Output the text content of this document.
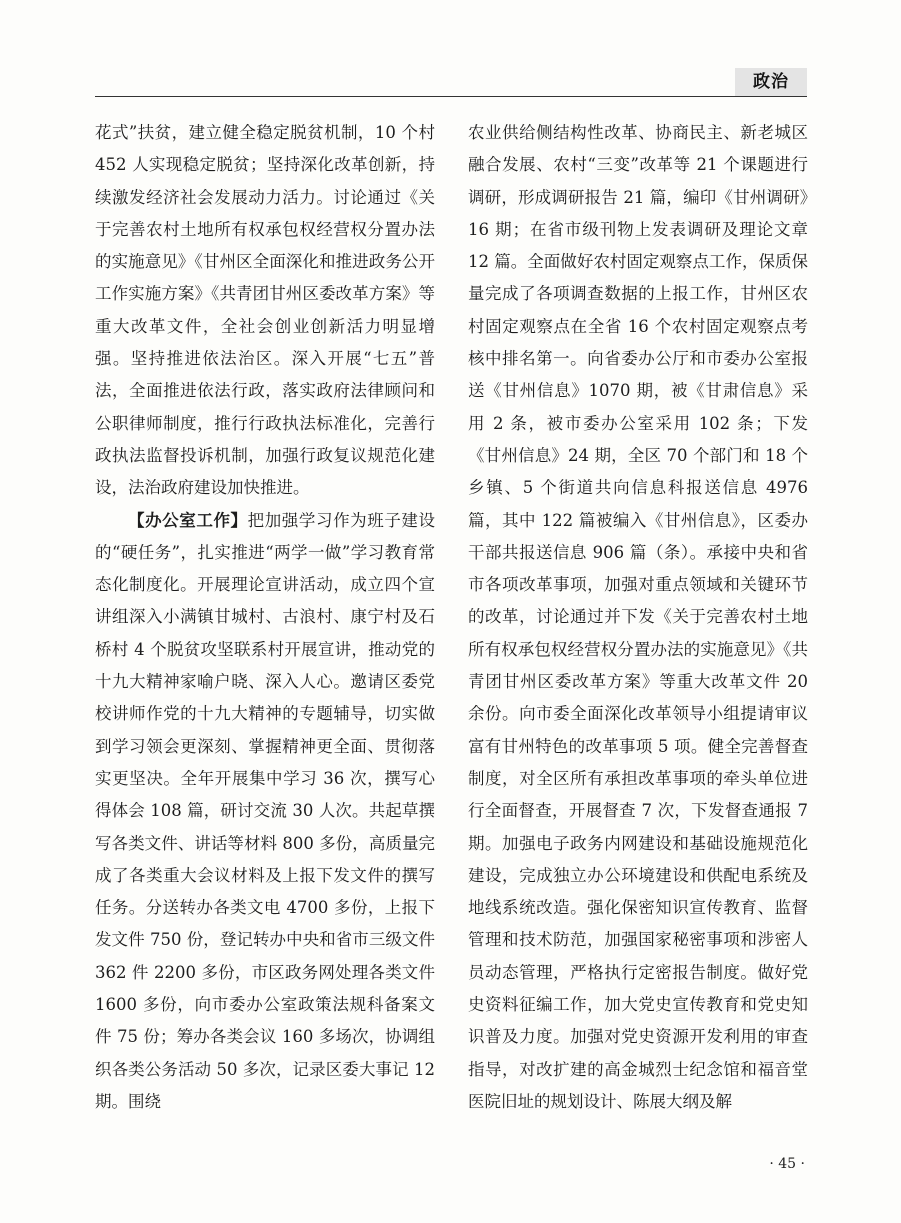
政治

花式”扶贫，建立健全稳定脱贫机制，10 个村 452 人实现稳定脱贫；坚持深化改革创新，持续激发经济社会发展动力活力。讨论通过《关于完善农村土地所有权承包权经营权分置办法的实施意见》《甘州区全面深化和推进政务公开工作实施方案》《共青团甘州区委改革方案》等重大改革文件，全社会创业创新活力明显增强。坚持推进依法治区。深入开展“七五”普法，全面推进依法行政，落实政府法律顾问和公职律师制度，推行行政执法标准化，完善行政执法监督投诉机制，加强行政复议规范化建设，法治政府建设加快推进。

【办公室工作】把加强学习作为班子建设的“硬任务”，扎实推进“两学一做”学习教育常态化制度化。开展理论宣讲活动，成立四个宣讲组深入小满镇甘城村、古浪村、康宁村及石桥村 4 个脱贫攻坚联系村开展宣讲，推动党的十九大精神家喻户晓、深入人心。邀请区委党校讲师作党的十九大精神的专题辅导，切实做到学习领会更深刻、掌握精神更全面、贯彻落实更坚决。全年开展集中学习 36 次，撰写心得体会 108 篇，研讨交流 30 人次。共起草撰写各类文件、讲话等材料 800 多份，高质量完成了各类重大会议材料及上报下发文件的撰写任务。分送转办各类文电 4700 多份，上报下发文件 750 份，登记转办中央和省市三级文件 362 件 2200 多份，市区政务网处理各类文件 1600 多份，向市委办公室政策法规科备案文件 75 份；筹办各类会议 160 多场次，协调组织各类公务活动 50 多次，记录区委大事记 12 期。围绕

农业供给侧结构性改革、协商民主、新老城区融合发展、农村“三变”改革等 21 个课题进行调研，形成调研报告 21 篇，编印《甘州调研》16 期；在省市级刊物上发表调研及理论文章 12 篇。全面做好农村固定观察点工作，保质保量完成了各项调查数据的上报工作，甘州区农村固定观察点在全省 16 个农村固定观察点考核中排名第一。向省委办公厅和市委办公室报送《甘州信息》1070 期，被《甘肃信息》采用 2 条，被市委办公室采用 102 条；下发《甘州信息》24 期，全区 70 个部门和 18 个乡镇、5 个街道共向信息科报送信息 4976 篇，其中 122 篇被编入《甘州信息》，区委办干部共报送信息 906 篇（条）。承接中央和省市各项改革事项，加强对重点领域和关键环节的改革，讨论通过并下发《关于完善农村土地所有权承包权经营权分置办法的实施意见》《共青团甘州区委改革方案》等重大改革文件 20 余份。向市委全面深化改革领导小组提请审议富有甘州特色的改革事项 5 项。健全完善督查制度，对全区所有承担改革事项的牵头单位进行全面督查，开展督查 7 次，下发督查通报 7 期。加强电子政务内网建设和基础设施规范化建设，完成独立办公环境建设和供配电系统及地线系统改造。强化保密知识宣传教育、监督管理和技术防范，加强国家秘密事项和涉密人员动态管理，严格执行定密报告制度。做好党史资料征编工作，加大党史宣传教育和党史知识普及力度。加强对党史资源开发利用的审查指导，对改扩建的高金城烈士纪念馆和福音堂医院旧址的规划设计、陈展大纲及解

· 45 ·
